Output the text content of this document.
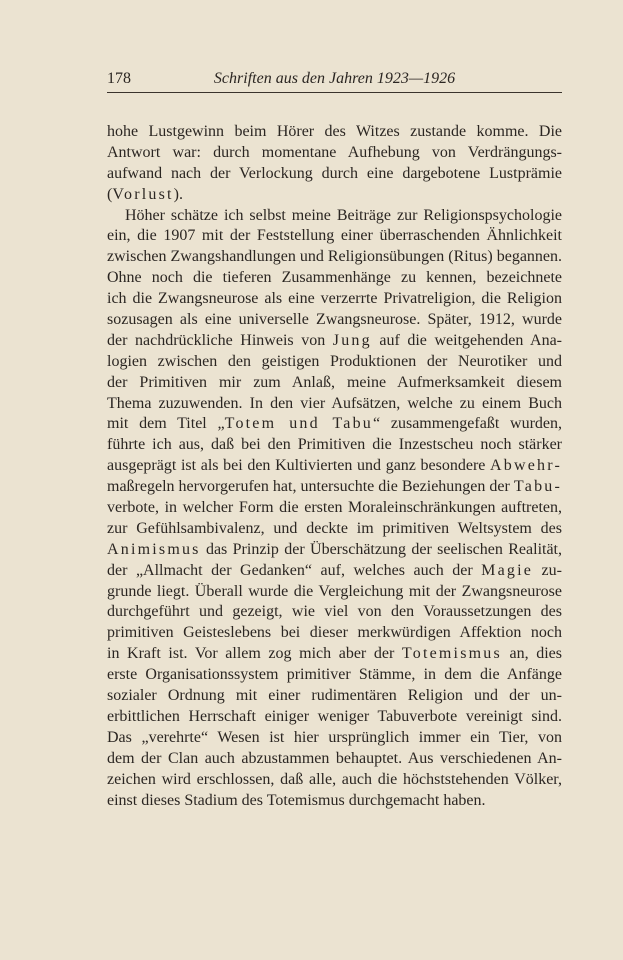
178	Schriften aus den Jahren 1923—1926
hohe Lustgewinn beim Hörer des Witzes zustande komme. Die
Antwort war: durch momentane Aufhebung von Verdrängungs-
aufwand nach der Verlockung durch eine dargebotene Lustprämie
(Vorlust).
Höher schätze ich selbst meine Beiträge zur Religionspsychologie
ein, die 1907 mit der Feststellung einer überraschenden Ähnlichkeit
zwischen Zwangshandlungen und Religionsübungen (Ritus) begannen.
Ohne noch die tieferen Zusammenhänge zu kennen, bezeichnete
ich die Zwangsneurose als eine verzerrte Privatreligion, die Religion
sozusagen als eine universelle Zwangsneurose. Später, 1912, wurde
der nachdrückliche Hinweis von Jung auf die weitgehenden Ana-
logien zwischen den geistigen Produktionen der Neurotiker und
der Primitiven mir zum Anlaß, meine Aufmerksamkeit diesem
Thema zuzuwenden. In den vier Aufsätzen, welche zu einem Buch
mit dem Titel „Totem und Tabu“ zusammengefaßt wurden,
führte ich aus, daß bei den Primitiven die Inzestscheu noch stärker
ausgeprägt ist als bei den Kultivierten und ganz besondere Abwehr-
maßregeln hervorgerufen hat, untersuchte die Beziehungen der Tabu-
verbote, in welcher Form die ersten Moraleinschränkungen auftreten,
zur Gefühlsambivalenz, und deckte im primitiven Weltsystem des
Animismus das Prinzip der Überschätzung der seelischen Realität,
der „Allmacht der Gedanken“ auf, welches auch der Magie zu-
grunde liegt. Überall wurde die Vergleichung mit der Zwangsneurose
durchgeführt und gezeigt, wie viel von den Voraussetzungen des
primitiven Geisteslebens bei dieser merkwürdigen Affektion noch
in Kraft ist. Vor allem zog mich aber der Totemismus an, dies
erste Organisationssystem primitiver Stämme, in dem die Anfänge
sozialer Ordnung mit einer rudimentären Religion und der un-
erbittlichen Herrschaft einiger weniger Tabuverbote vereinigt sind.
Das „verehrte“ Wesen ist hier ursprünglich immer ein Tier, von
dem der Clan auch abzustammen behauptet. Aus verschiedenen An-
zeichen wird erschlossen, daß alle, auch die höchststehenden Völker,
einst dieses Stadium des Totemismus durchgemacht haben.
